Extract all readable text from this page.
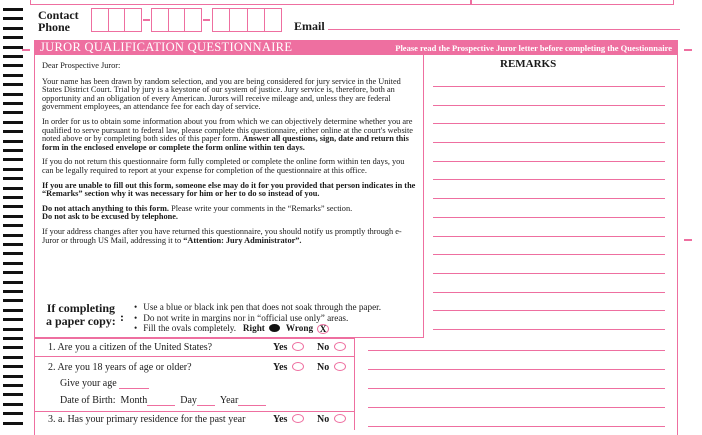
Contact
Phone	Email
JUROR QUALIFICATION QUESTIONNAIRE	Please read the Prospective Juror letter before completing the Questionnaire

Dear Prospective Juror:

Your name has been drawn by random selection, and you are being considered for jury service in the United States District Court. Trial by jury is a keystone of our system of justice. Jury service is, therefore, both an opportunity and an obligation of every American. Jurors will receive mileage and, unless they are federal government employees, an attendance fee for each day of service.

In order for us to obtain some information about you from which we can objectively determine whether you are qualified to serve pursuant to federal law, please complete this questionnaire, either online at the court's website noted above or by completing both sides of this paper form. Answer all questions, sign, date and return this form in the enclosed envelope or complete the form online within ten days.

If you do not return this questionnaire form fully completed or complete the online form within ten days, you can be legally required to report at your expense for completion of the questionnaire at this office.

If you are unable to fill out this form, someone else may do it for you provided that person indicates in the “Remarks” section why it was necessary for him or her to do so instead of you.

Do not attach anything to this form. Please write your comments in the “Remarks” section.
Do not ask to be excused by telephone.

If your address changes after you have returned this questionnaire, you should notify us promptly through e-Juror or through US Mail, addressing it to “Attention: Jury Administrator”.

If completing
a paper copy: :
• Use a blue or black ink pen that does not soak through the paper.
• Do not write in margins nor in “official use only” areas.
• Fill the ovals completely. Right Wrong X
1. Are you a citizen of the United States?	Yes	No
2. Are you 18 years of age or older?	Yes	No
Give your age
Date of Birth: Month	Day Year
3. a. Has your primary residence for the past year	Yes	No
REMARKS
